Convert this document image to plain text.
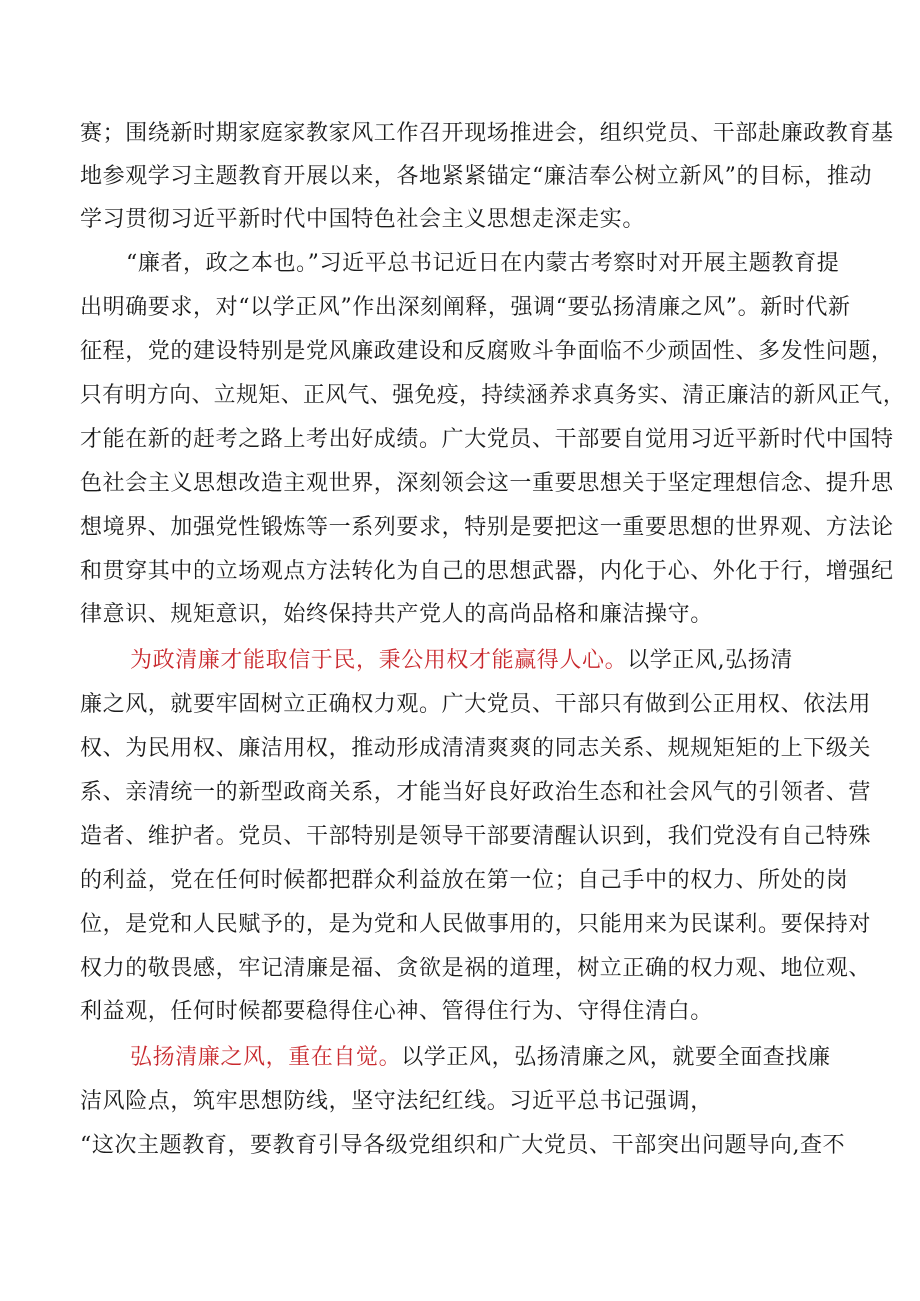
赛；围绕新时期家庭家教家风工作召开现场推进会，组织党员、干部赴廉政教育基
地参观学习主题教育开展以来，各地紧紧锚定“廉洁奉公树立新风”的目标，推动
学习贯彻习近平新时代中国特色社会主义思想走深走实。
“廉者，政之本也。”习近平总书记近日在内蒙古考察时对开展主题教育提
出明确要求，对“以学正风”作出深刻阐释，强调“要弘扬清廉之风”。新时代新
征程，党的建设特别是党风廉政建设和反腐败斗争面临不少顽固性、多发性问题，
只有明方向、立规矩、正风气、强免疫，持续涵养求真务实、清正廉洁的新风正气，
才能在新的赶考之路上考出好成绩。广大党员、干部要自觉用习近平新时代中国特
色社会主义思想改造主观世界，深刻领会这一重要思想关于坚定理想信念、提升思
想境界、加强党性锻炼等一系列要求，特别是要把这一重要思想的世界观、方法论
和贯穿其中的立场观点方法转化为自己的思想武器，内化于心、外化于行，增强纪
律意识、规矩意识，始终保持共产党人的高尚品格和廉洁操守。
为政清廉才能取信于民，秉公用权才能赢得人心。以学正风,弘扬清
廉之风，就要牢固树立正确权力观。广大党员、干部只有做到公正用权、依法用
权、为民用权、廉洁用权，推动形成清清爽爽的同志关系、规规矩矩的上下级关
系、亲清统一的新型政商关系，才能当好良好政治生态和社会风气的引领者、营
造者、维护者。党员、干部特别是领导干部要清醒认识到，我们党没有自己特殊
的利益，党在任何时候都把群众利益放在第一位；自己手中的权力、所处的岗
位，是党和人民赋予的，是为党和人民做事用的，只能用来为民谋利。要保持对
权力的敬畏感，牢记清廉是福、贪欲是祸的道理，树立正确的权力观、地位观、
利益观，任何时候都要稳得住心神、管得住行为、守得住清白。
弘扬清廉之风，重在自觉。以学正风，弘扬清廉之风，就要全面查找廉
洁风险点，筑牢思想防线，坚守法纪红线。习近平总书记强调，
“这次主题教育，要教育引导各级党组织和广大党员、干部突出问题导向,查不
